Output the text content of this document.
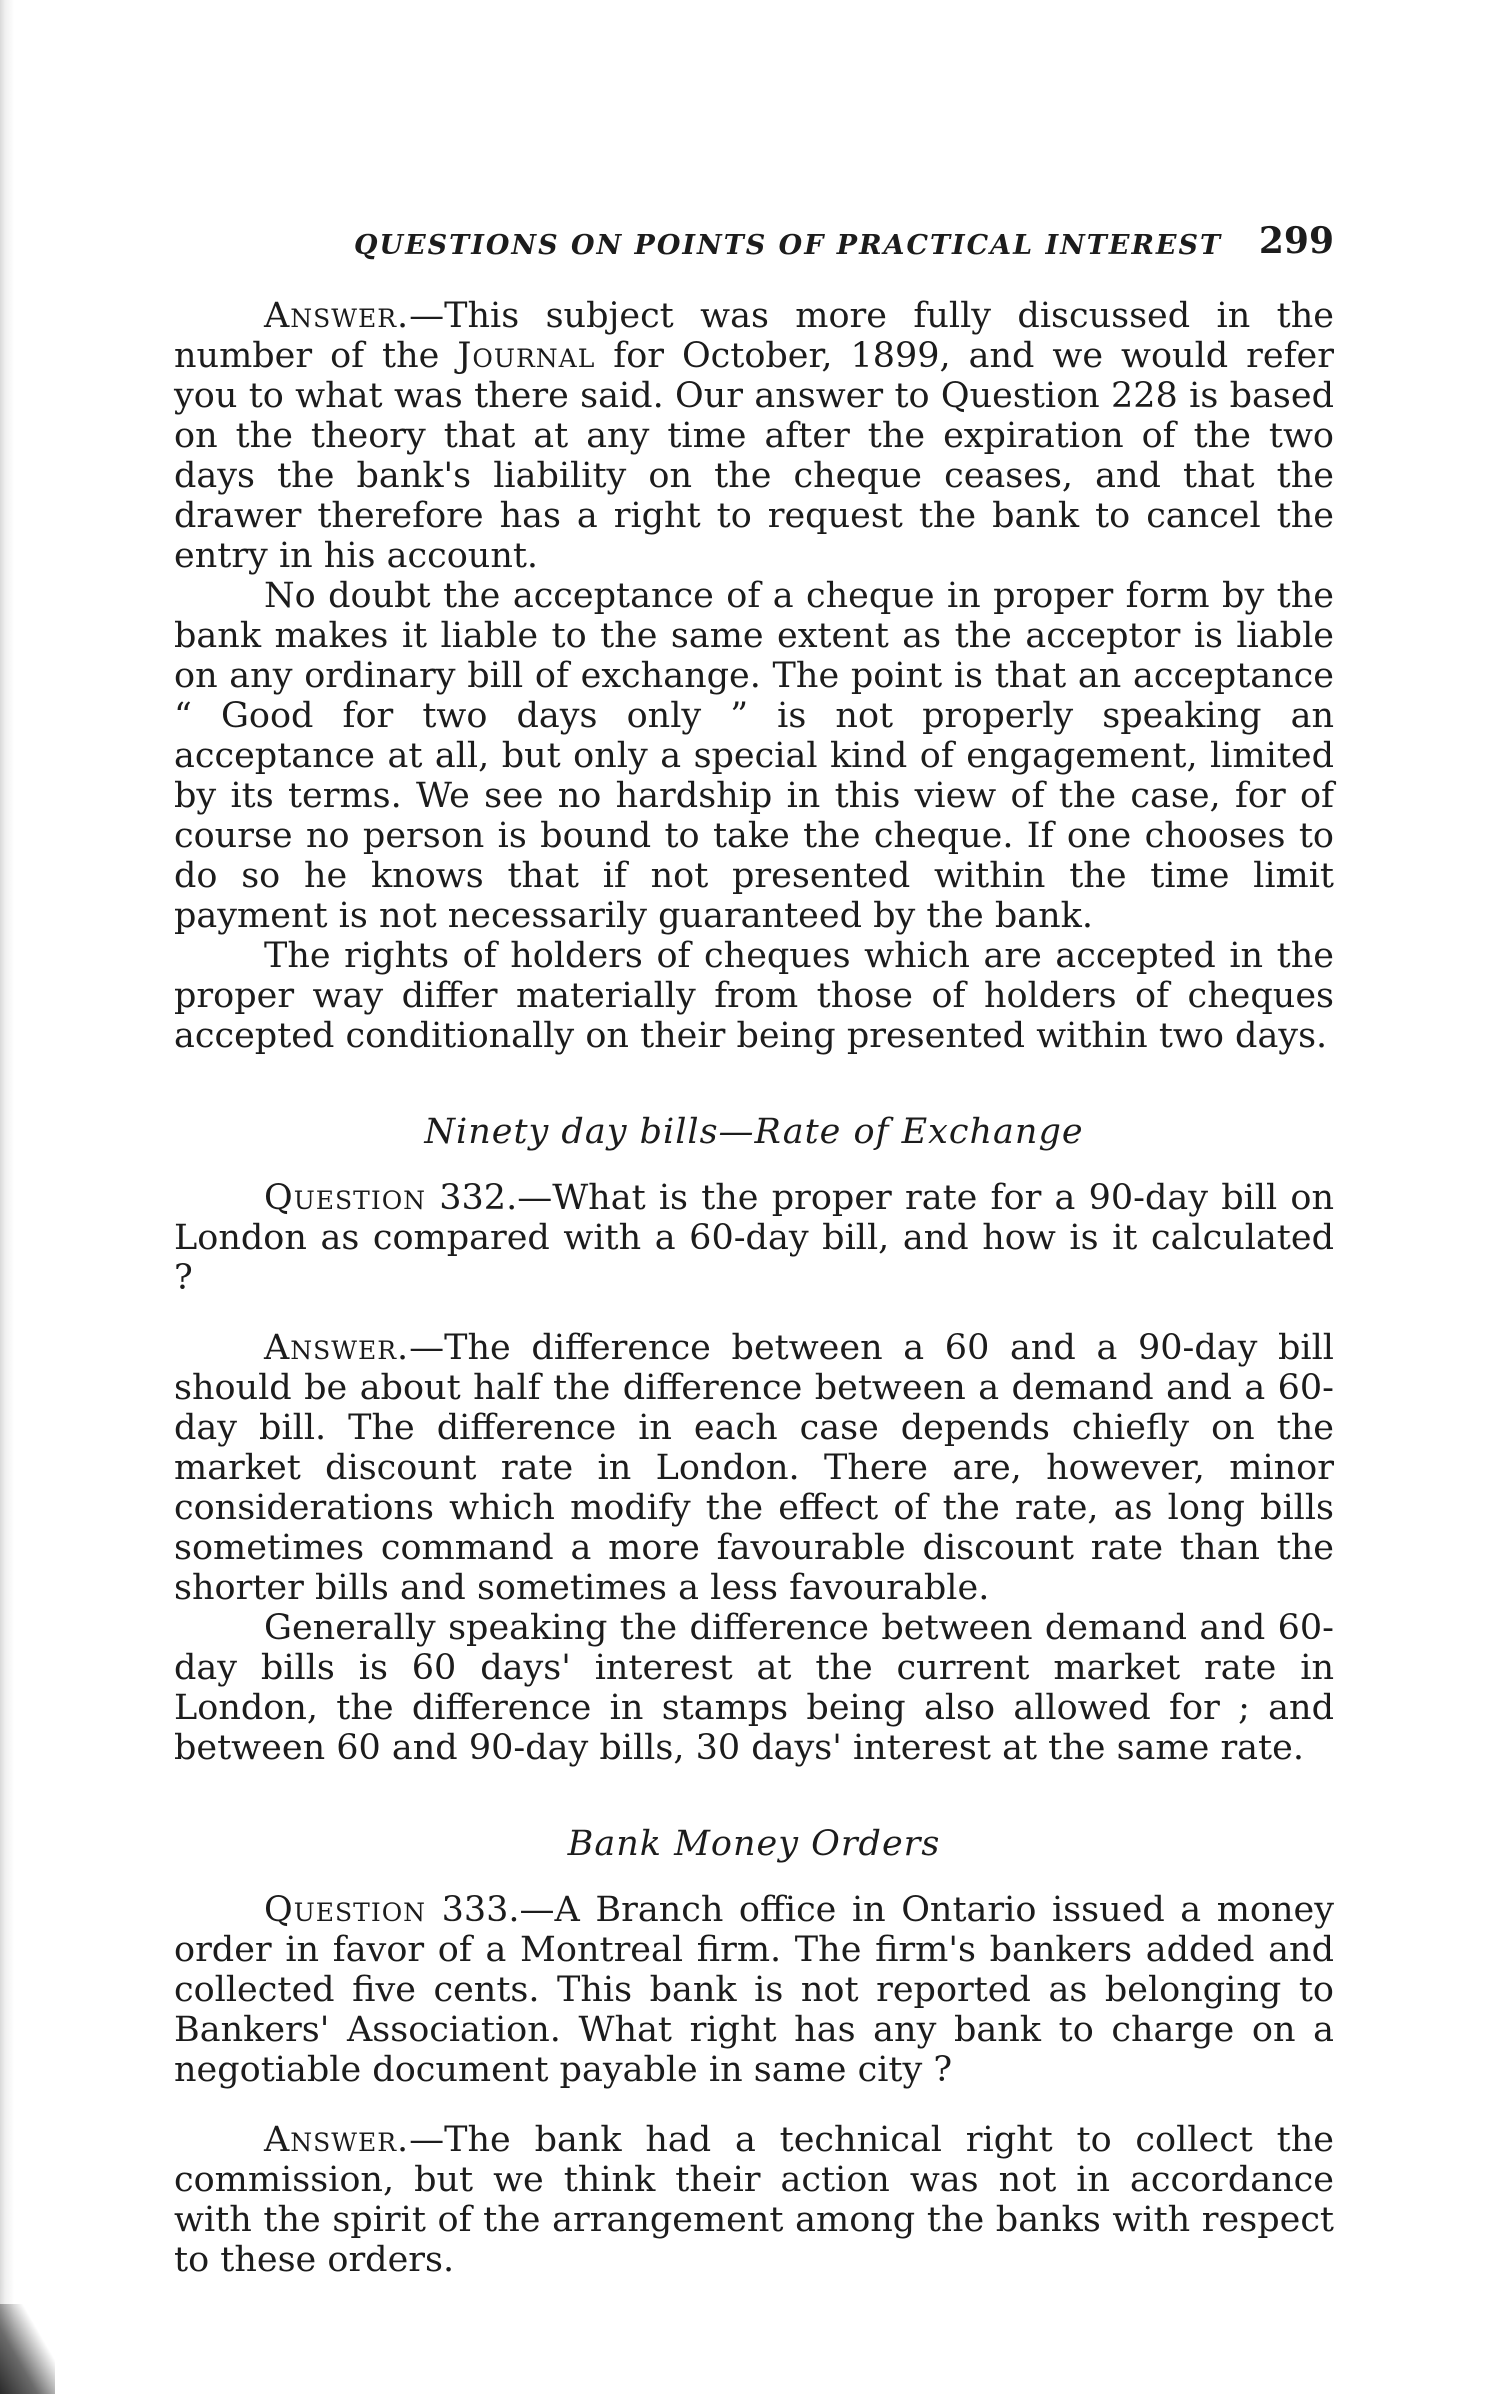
QUESTIONS ON POINTS OF PRACTICAL INTEREST 299

Answer.—This subject was more fully discussed in the number of the Journal for October, 1899, and we would refer you to what was there said. Our answer to Question 228 is based on the theory that at any time after the expiration of the two days the bank's liability on the cheque ceases, and that the drawer therefore has a right to request the bank to cancel the entry in his account.

No doubt the acceptance of a cheque in proper form by the bank makes it liable to the same extent as the acceptor is liable on any ordinary bill of exchange. The point is that an acceptance “ Good for two days only ” is not properly speaking an acceptance at all, but only a special kind of engagement, limited by its terms. We see no hardship in this view of the case, for of course no person is bound to take the cheque. If one chooses to do so he knows that if not presented within the time limit payment is not necessarily guaranteed by the bank.

The rights of holders of cheques which are accepted in the proper way differ materially from those of holders of cheques accepted conditionally on their being presented within two days.

Ninety day bills—Rate of Exchange

Question 332.—What is the proper rate for a 90-day bill on London as compared with a 60-day bill, and how is it calculated ?

Answer.—The difference between a 60 and a 90-day bill should be about half the difference between a demand and a 60-day bill. The difference in each case depends chiefly on the market discount rate in London. There are, however, minor considerations which modify the effect of the rate, as long bills sometimes command a more favourable discount rate than the shorter bills and sometimes a less favourable.

Generally speaking the difference between demand and 60-day bills is 60 days' interest at the current market rate in London, the difference in stamps being also allowed for ; and between 60 and 90-day bills, 30 days' interest at the same rate.

Bank Money Orders

Question 333.—A Branch office in Ontario issued a money order in favor of a Montreal firm. The firm's bankers added and collected five cents. This bank is not reported as belonging to Bankers' Association. What right has any bank to charge on a negotiable document payable in same city ?

Answer.—The bank had a technical right to collect the commission, but we think their action was not in accordance with the spirit of the arrangement among the banks with respect to these orders.
